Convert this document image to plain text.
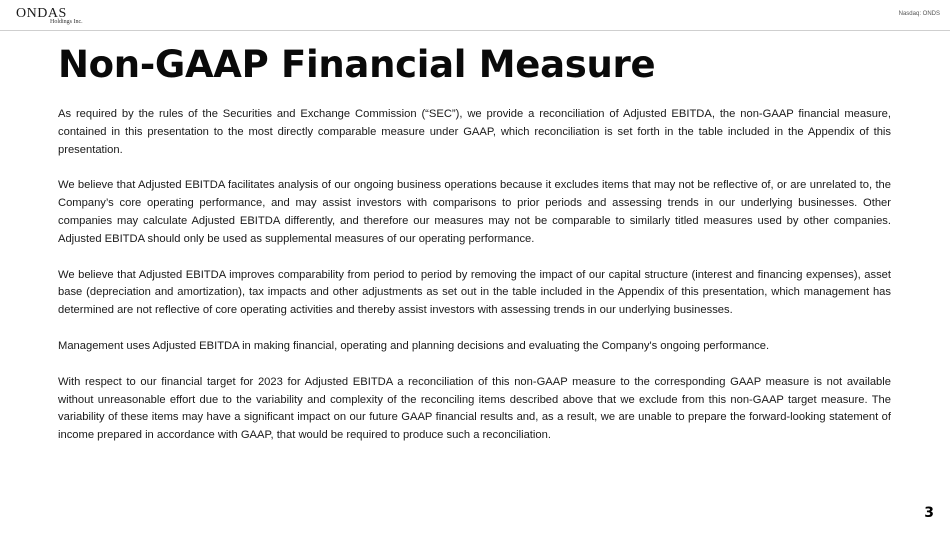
ONDAS
Holdings Inc.
Nasdaq: ONDS
Non-GAAP Financial Measure

As required by the rules of the Securities and Exchange Commission (“SEC”), we provide a reconciliation of Adjusted EBITDA, the non-GAAP financial measure, contained in this presentation to the most directly comparable measure under GAAP, which reconciliation is set forth in the table included in the Appendix of this presentation.

We believe that Adjusted EBITDA facilitates analysis of our ongoing business operations because it excludes items that may not be reflective of, or are unrelated to, the Company’s core operating performance, and may assist investors with comparisons to prior periods and assessing trends in our underlying businesses. Other companies may calculate Adjusted EBITDA differently, and therefore our measures may not be comparable to similarly titled measures used by other companies. Adjusted EBITDA should only be used as supplemental measures of our operating performance.

We believe that Adjusted EBITDA improves comparability from period to period by removing the impact of our capital structure (interest and financing expenses), asset base (depreciation and amortization), tax impacts and other adjustments as set out in the table included in the Appendix of this presentation, which management has determined are not reflective of core operating activities and thereby assist investors with assessing trends in our underlying businesses.

Management uses Adjusted EBITDA in making financial, operating and planning decisions and evaluating the Company's ongoing performance.

With respect to our financial target for 2023 for Adjusted EBITDA a reconciliation of this non-GAAP measure to the corresponding GAAP measure is not available without unreasonable effort due to the variability and complexity of the reconciling items described above that we exclude from this non-GAAP target measure. The variability of these items may have a significant impact on our future GAAP financial results and, as a result, we are unable to prepare the forward-looking statement of income prepared in accordance with GAAP, that would be required to produce such a reconciliation.

3
